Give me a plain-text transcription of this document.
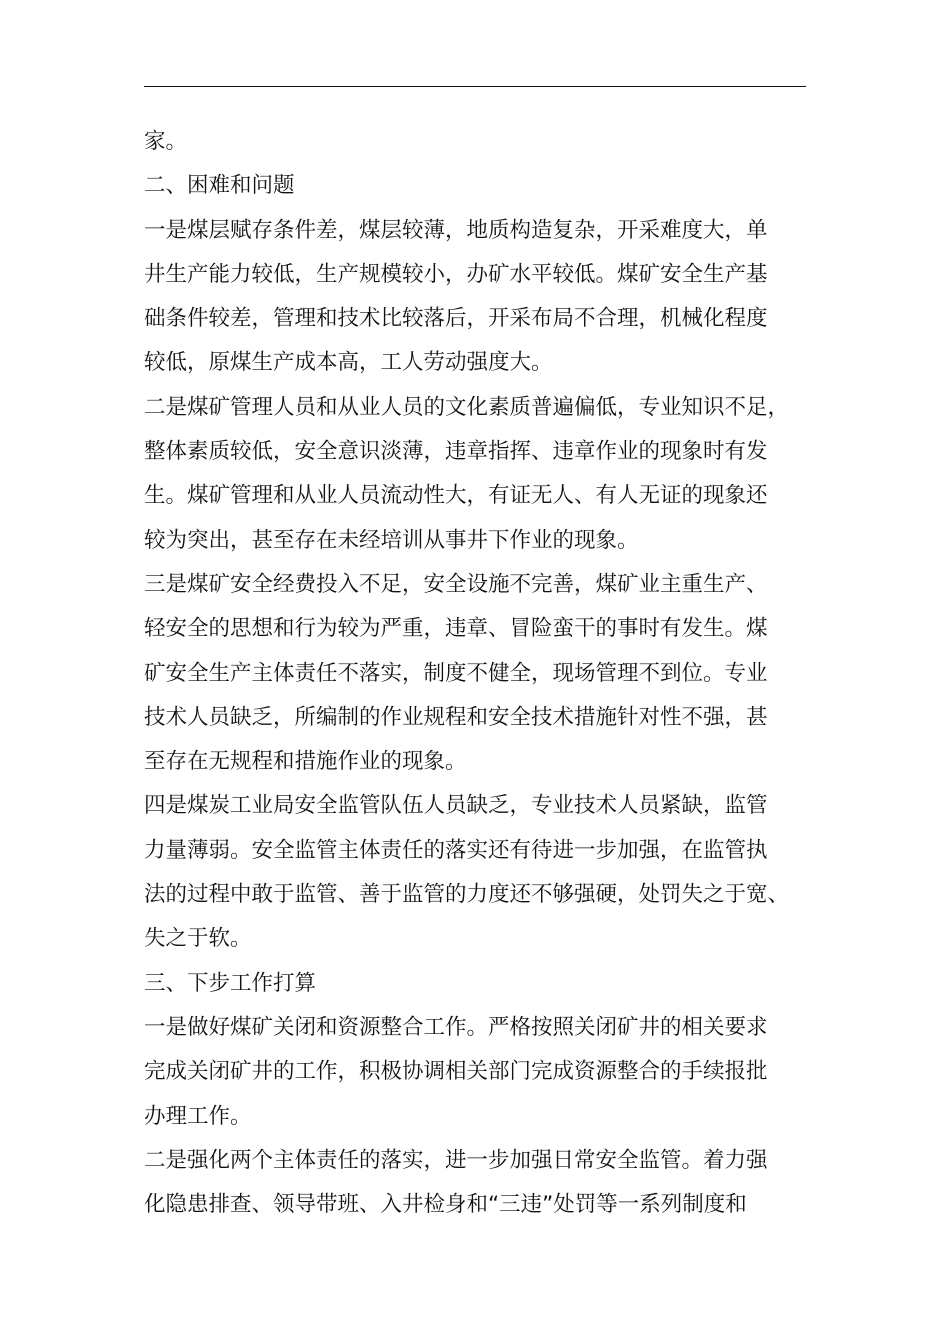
家。
二、困难和问题
一是煤层赋存条件差，煤层较薄，地质构造复杂，开采难度大，单
井生产能力较低，生产规模较小，办矿水平较低。煤矿安全生产基
础条件较差，管理和技术比较落后，开采布局不合理，机械化程度
较低，原煤生产成本高，工人劳动强度大。
二是煤矿管理人员和从业人员的文化素质普遍偏低，专业知识不足，
整体素质较低，安全意识淡薄，违章指挥、违章作业的现象时有发
生。煤矿管理和从业人员流动性大，有证无人、有人无证的现象还
较为突出，甚至存在未经培训从事井下作业的现象。
三是煤矿安全经费投入不足，安全设施不完善，煤矿业主重生产、
轻安全的思想和行为较为严重，违章、冒险蛮干的事时有发生。煤
矿安全生产主体责任不落实，制度不健全，现场管理不到位。专业
技术人员缺乏，所编制的作业规程和安全技术措施针对性不强，甚
至存在无规程和措施作业的现象。
四是煤炭工业局安全监管队伍人员缺乏，专业技术人员紧缺，监管
力量薄弱。安全监管主体责任的落实还有待进一步加强，在监管执
法的过程中敢于监管、善于监管的力度还不够强硬，处罚失之于宽、
失之于软。
三、下步工作打算
一是做好煤矿关闭和资源整合工作。严格按照关闭矿井的相关要求
完成关闭矿井的工作，积极协调相关部门完成资源整合的手续报批
办理工作。
二是强化两个主体责任的落实，进一步加强日常安全监管。着力强
化隐患排查、领导带班、入井检身和“三违”处罚等一系列制度和
